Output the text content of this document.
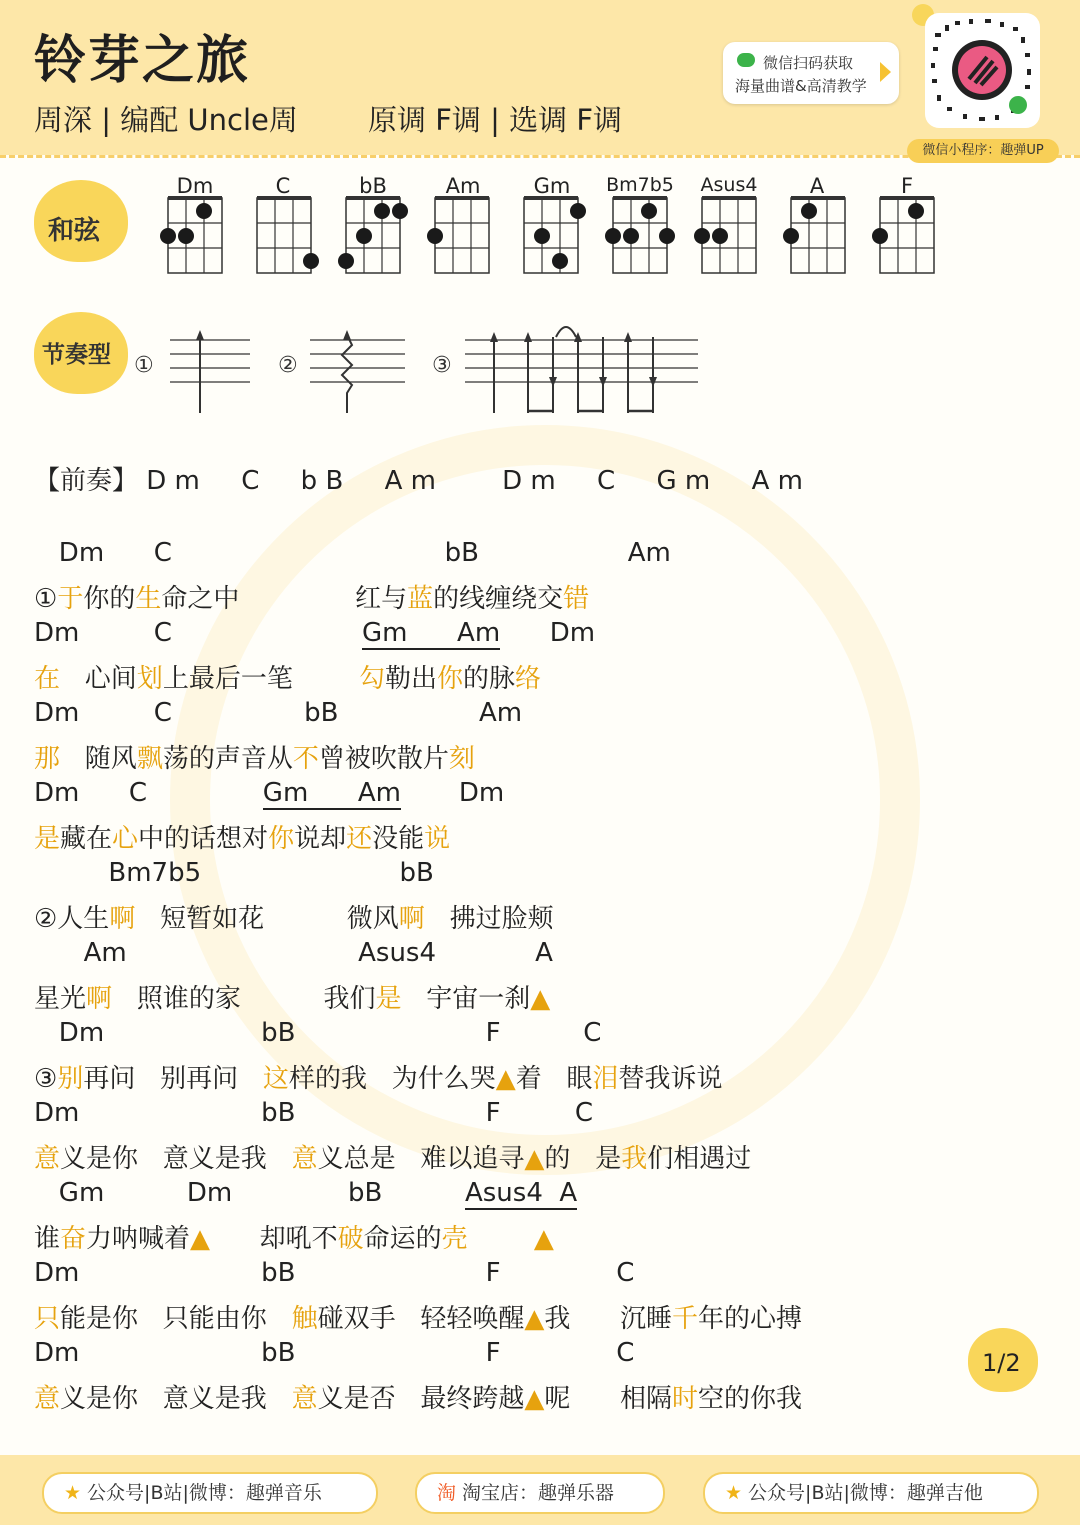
铃芽之旅
周深 | 编配 Uncle周 原调 F调 | 选调 F调
微信扫码获取
海量曲谱&高清教学
微信小程序：趣弹UP
和弦
Dm	C	bB	Am	Gm	Bm7b5	Asus4	A	F
节奏型 ①	②	③
【前奏】 D m     C     b B     A m        D m     C     G m     A m
Dm      C                                 bB                  Am
①于你的生命之中              红与蓝的线缠绕交错
Dm         C                       Gm      Am      Dm
在   心间划上最后一笔        勾勒出你的脉络
Dm         C                bB                 Am
那   随风飘荡的声音从不曾被吹散片刻
Dm      C              Gm      Am       Dm
是藏在心中的话想对你说却还没能说
Bm7b5                        bB
②人生啊   短暂如花          微风啊   拂过脸颊
Am                            Asus4            A
星光啊   照谁的家          我们是   宇宙一刹▲
Dm                   bB                       F          C
③别再问   别再问   这样的我   为什么哭▲着   眼泪替我诉说
Dm                      bB                       F         C
意义是你   意义是我   意义总是   难以追寻▲的   是我们相遇过
Gm          Dm              bB          Asus4  A
谁奋力呐喊着▲      却吼不破命运的壳	▲
Dm                      bB                       F              C
只能是你   只能由你   触碰双手   轻轻唤醒▲我      沉睡千年的心搏
Dm                      bB                       F              C
意义是你   意义是我   意义是否   最终跨越▲呢      相隔时空的你我
1/2
★ 公众号|B站|微博：趣弹音乐	淘 淘宝店：趣弹乐器	★ 公众号|B站|微博：趣弹吉他
